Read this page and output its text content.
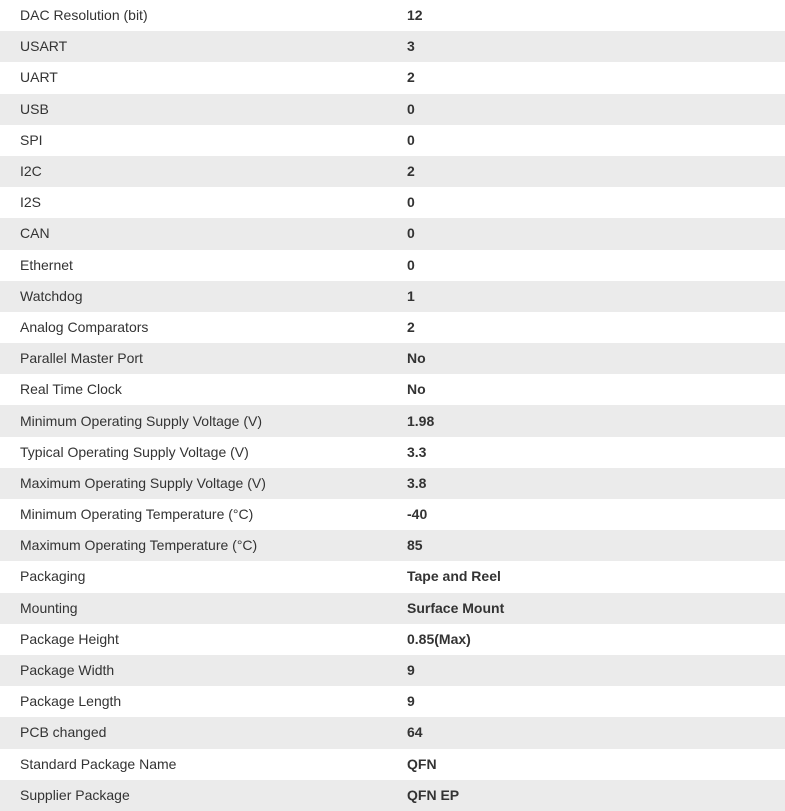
DAC Resolution (bit)	12
USART	3
UART	2
USB	0
SPI	0
I2C	2
I2S	0
CAN	0
Ethernet	0
Watchdog	1
Analog Comparators	2
Parallel Master Port	No
Real Time Clock	No
Minimum Operating Supply Voltage (V)	1.98
Typical Operating Supply Voltage (V)	3.3
Maximum Operating Supply Voltage (V)	3.8
Minimum Operating Temperature (°C)	-40
Maximum Operating Temperature (°C)	85
Packaging	Tape and Reel
Mounting	Surface Mount
Package Height	0.85(Max)
Package Width	9
Package Length	9
PCB changed	64
Standard Package Name	QFN
Supplier Package	QFN EP
